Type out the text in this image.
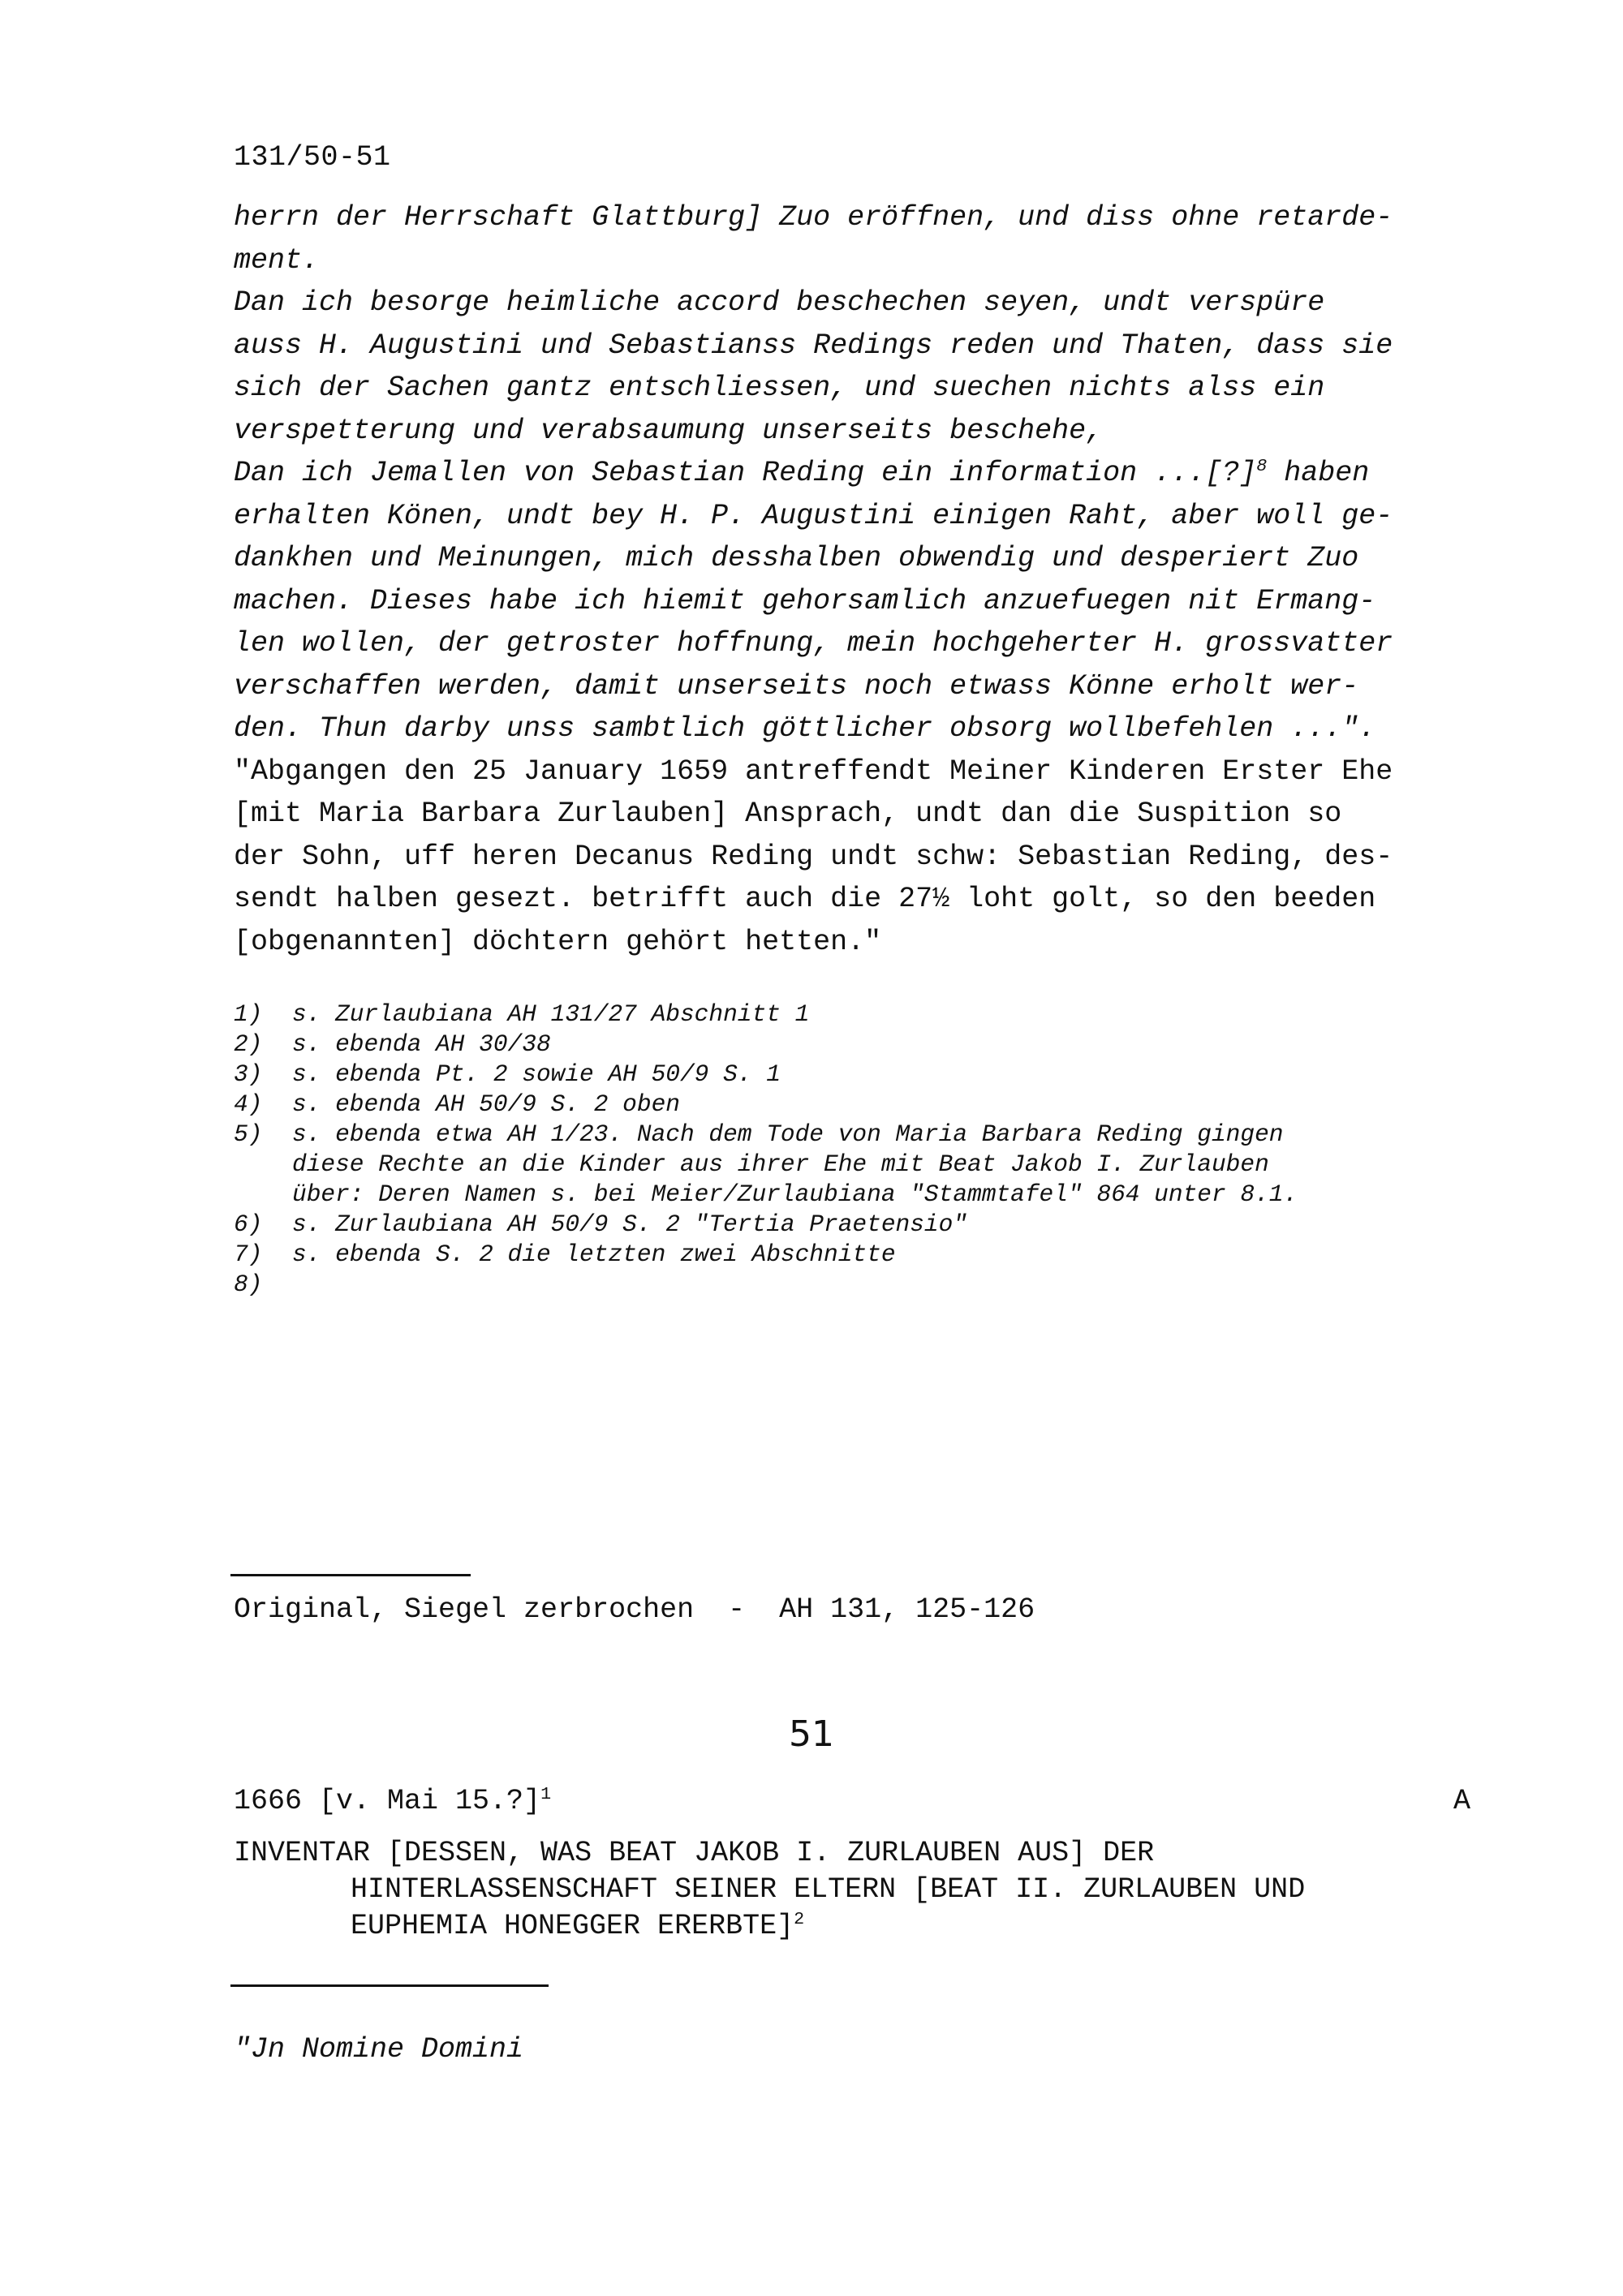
131/50-51
herrn der Herrschaft Glattburg] Zuo eröffnen, und diss ohne retarde-
ment.
Dan ich besorge heimliche accord beschechen seyen, undt verspüre
auss H. Augustini und Sebastianss Redings reden und Thaten, dass sie
sich der Sachen gantz entschliessen, und suechen nichts alss ein
verspetterung und verabsaumung unserseits beschehe,
Dan ich Jemallen von Sebastian Reding ein information ...[?]$^8$ haben
erhalten Könen, undt bey H. P. Augustini einigen Raht, aber woll ge-
dankhen und Meinungen, mich desshalben obwendig und desperiert Zuo
machen. Dieses habe ich hiemit gehorsamlich anzuefuegen nit Ermang-
len wollen, der getroster hoffnung, mein hochgeherter H. grossvatter
verschaffen werden, damit unserseits noch etwass Könne erholt wer-
den. Thun darby unss sambtlich göttlicher obsorg wollbefehlen ...".
"Abgangen den 25 January 1659 antreffendt Meiner Kinderen Erster Ehe
[mit Maria Barbara Zurlauben] Ansprach, undt dan die Suspition so
der Sohn, uff heren Decanus Reding undt schw: Sebastian Reding, des-
sendt halben gesezt. betrifft auch die 27½ loht golt, so den beeden
[obgenannten] döchtern gehört hetten."
1) s. Zurlaubiana AH 131/27 Abschnitt 1
2) s. ebenda AH 30/38
3) s. ebenda Pt. 2 sowie AH 50/9 S. 1
4) s. ebenda AH 50/9 S. 2 oben
5) s. ebenda etwa AH 1/23. Nach dem Tode von Maria Barbara Reding gingen
diese Rechte an die Kinder aus ihrer Ehe mit Beat Jakob I. Zurlauben
über: Deren Namen s. bei Meier/Zurlaubiana "Stammtafel" 864 unter 8.1.
6) s. Zurlaubiana AH 50/9 S. 2 "Tertia Praetensio"
7) s. ebenda S. 2 die letzten zwei Abschnitte
8)
Original, Siegel zerbrochen  -  AH 131, 125-126
51
1666 [v. Mai 15.?]$^1$	A
INVENTAR [DESSEN, WAS BEAT JAKOB I. ZURLAUBEN AUS] DER
HINTERLASSENSCHAFT SEINER ELTERN [BEAT II. ZURLAUBEN UND
EUPHEMIA HONEGGER ERERBTE]$^2$
"Jn Nomine Domini
